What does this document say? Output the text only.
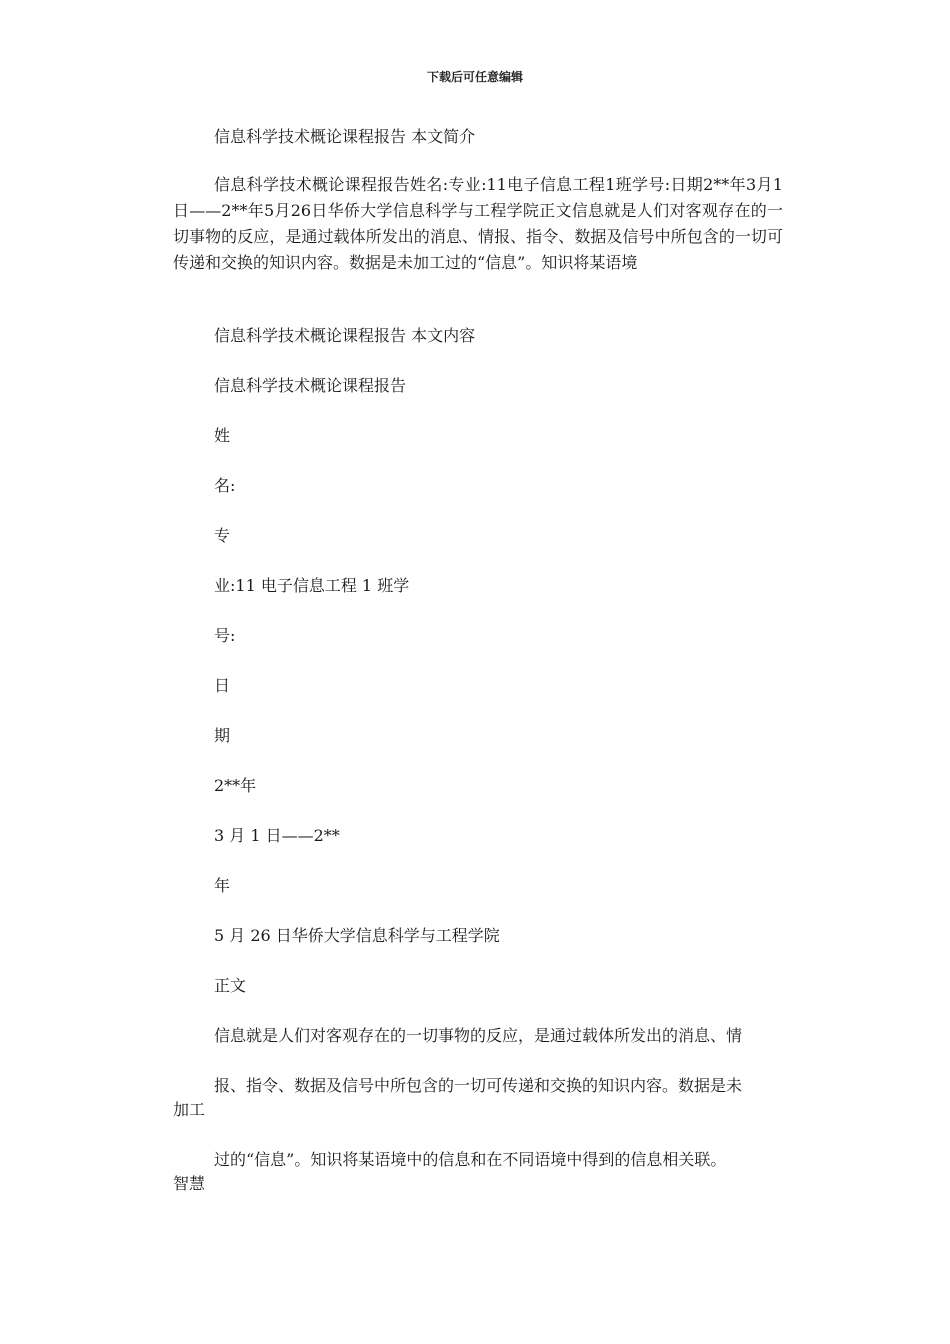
下载后可任意编辑
信息科学技术概论课程报告 本文简介
信息科学技术概论课程报告姓名:专业:11电子信息工程1班学号:日期2**年3月1日——2**年5月26日华侨大学信息科学与工程学院正文信息就是人们对客观存在的一切事物的反应，是通过载体所发出的消息、情报、指令、数据及信号中所包含的一切可传递和交换的知识内容。数据是未加工过的“信息”。知识将某语境
信息科学技术概论课程报告 本文内容
信息科学技术概论课程报告
姓
名:
专
业:11 电子信息工程 1 班学
号:
日
期
2**年
3 月 1 日——2**
年
5 月 26 日华侨大学信息科学与工程学院
正文
信息就是人们对客观存在的一切事物的反应，是通过载体所发出的消息、情
报、指令、数据及信号中所包含的一切可传递和交换的知识内容。数据是未
加工
过的“信息”。知识将某语境中的信息和在不同语境中得到的信息相关联。
智慧
